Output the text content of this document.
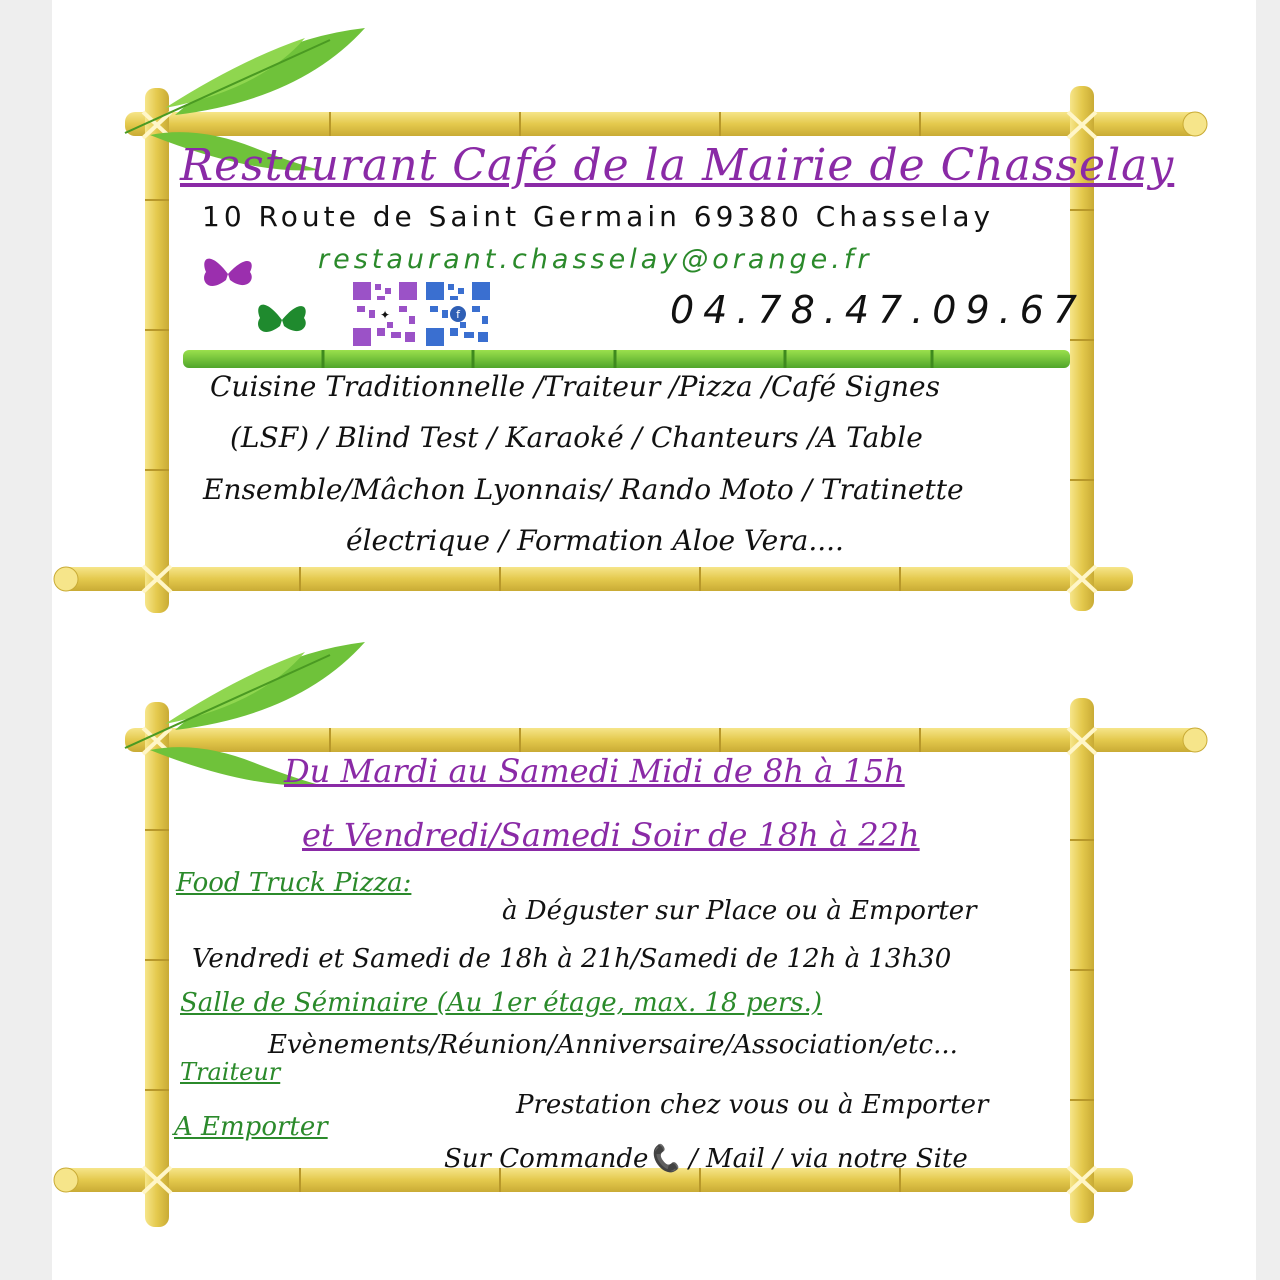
Restaurant Café de la Mairie de Chasselay
10 Route de Saint Germain 69380 Chasselay
restaurant.chasselay@orange.fr
✦	f	04.78.47.09.67
Cuisine Traditionnelle /Traiteur /Pizza /Café Signes
(LSF) / Blind Test / Karaoké / Chanteurs /A Table
Ensemble/Mâchon Lyonnais/ Rando Moto / Tratinette
électrique / Formation Aloe Vera....
Du Mardi au Samedi Midi de 8h à 15h
et Vendredi/Samedi Soir de 18h à 22h
Food Truck Pizza:
à Déguster sur Place ou à Emporter
Vendredi et Samedi de 18h à 21h/Samedi de 12h à 13h30
Salle de Séminaire (Au 1er étage, max. 18 pers.)
Evènements/Réunion/Anniversaire/Association/etc...
Traiteur
Prestation chez vous ou à Emporter
A Emporter
Sur Commande📞 / Mail / via notre Site
